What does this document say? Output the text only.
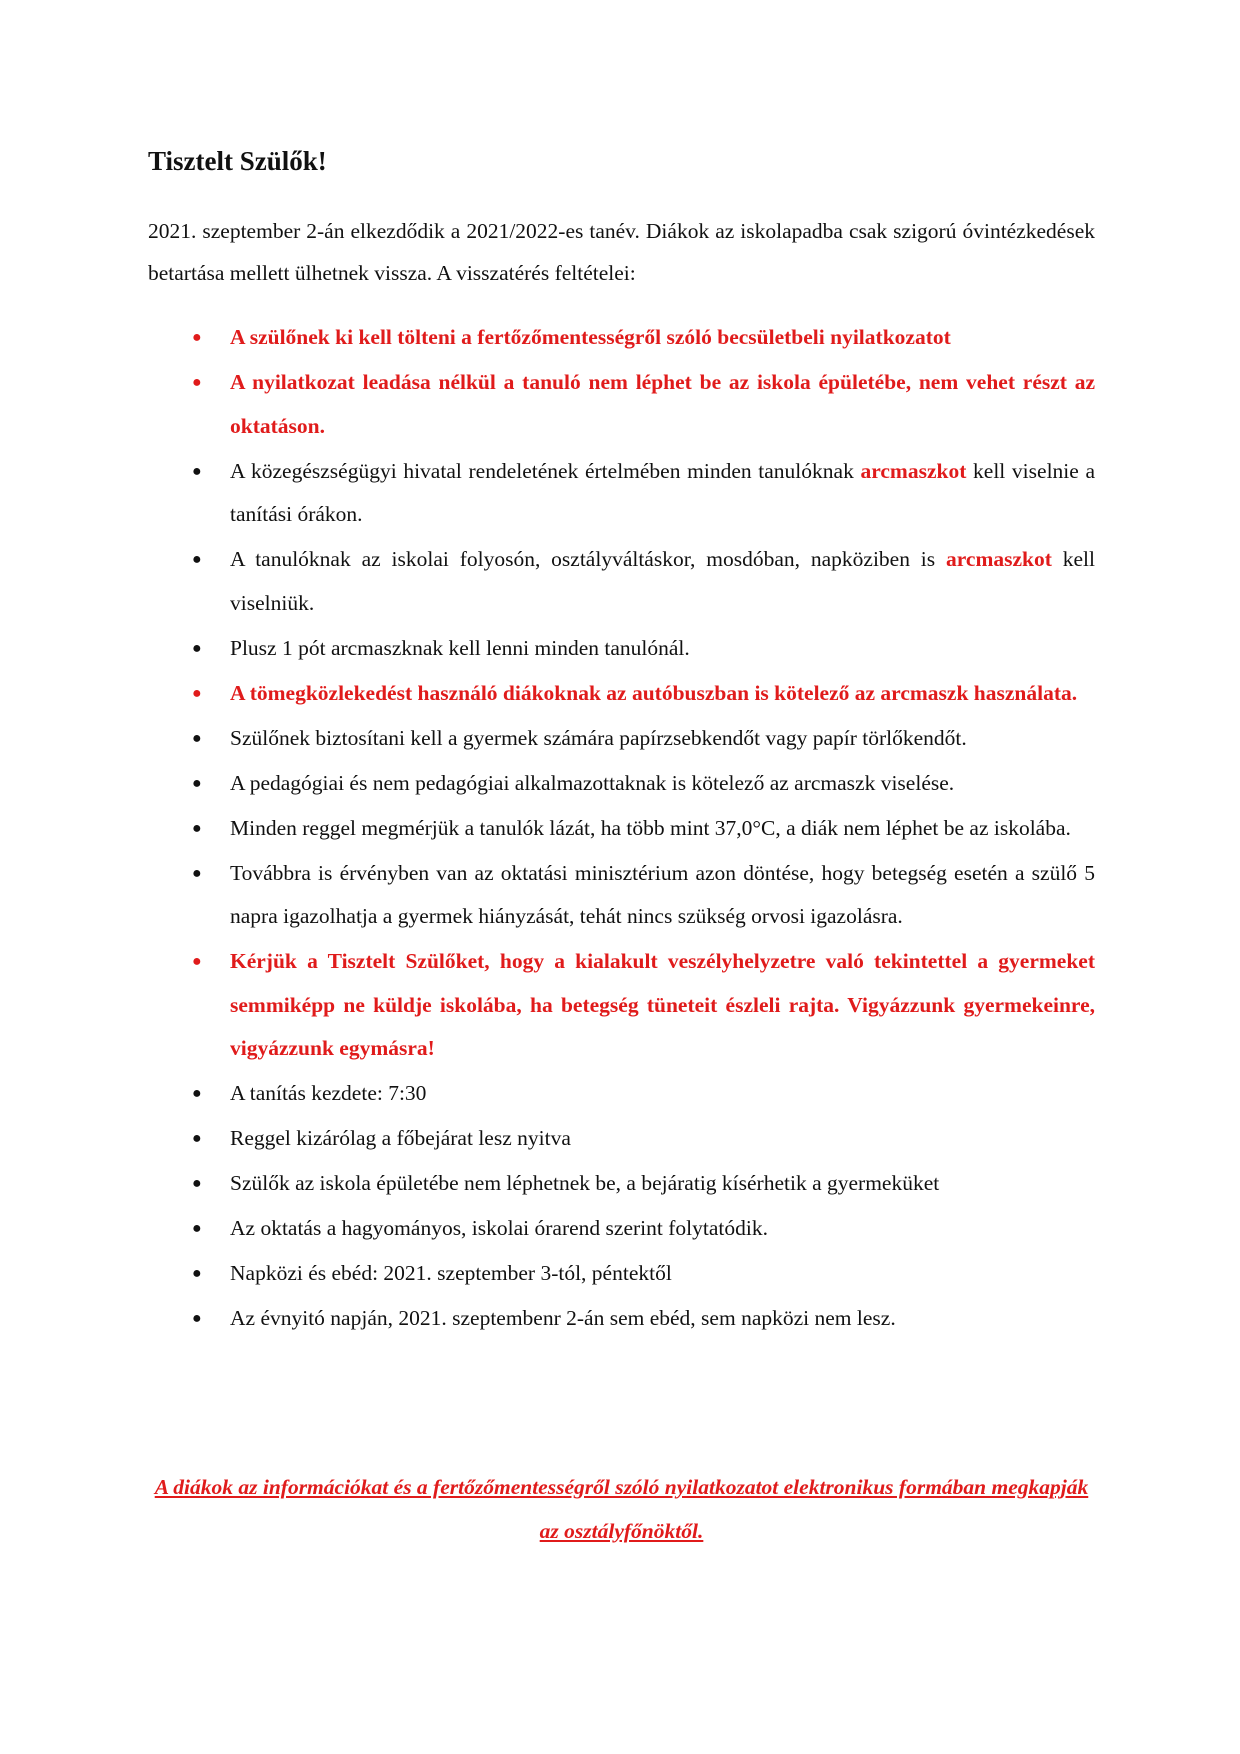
Tisztelt Szülők!

2021. szeptember 2-án elkezdődik a 2021/2022-es tanév. Diákok az iskolapadba csak szigorú óvintézkedések betartása mellett ülhetnek vissza. A visszatérés feltételei:

●	A szülőnek ki kell tölteni a fertőzőmentességről szóló becsületbeli nyilatkozatot
●	A nyilatkozat leadása nélkül a tanuló nem léphet be az iskola épületébe, nem vehet részt az oktatáson.
●	A közegészségügyi hivatal rendeletének értelmében minden tanulóknak arcmaszkot kell viselnie a tanítási órákon.
●	A tanulóknak az iskolai folyosón, osztályváltáskor, mosdóban, napköziben is arcmaszkot kell viselniük.
●	Plusz 1 pót arcmaszknak kell lenni minden tanulónál.
●	A tömegközlekedést használó diákoknak az autóbuszban is kötelező az arcmaszk használata.
●	Szülőnek biztosítani kell a gyermek számára papírzsebkendőt vagy papír törlőkendőt.
●	A pedagógiai és nem pedagógiai alkalmazottaknak is kötelező az arcmaszk viselése.
●	Minden reggel megmérjük a tanulók lázát, ha több mint 37,0°C, a diák nem léphet be az iskolába.
●	Továbbra is érvényben van az oktatási minisztérium azon döntése, hogy betegség esetén a szülő 5 napra igazolhatja a gyermek hiányzását, tehát nincs szükség orvosi igazolásra.
●	Kérjük a Tisztelt Szülőket, hogy a kialakult veszélyhelyzetre való tekintettel a gyermeket semmiképp ne küldje iskolába, ha betegség tüneteit észleli rajta. Vigyázzunk gyermekeinre, vigyázzunk egymásra!
●	A tanítás kezdete: 7:30
●	Reggel kizárólag a főbejárat lesz nyitva
●	Szülők az iskola épületébe nem léphetnek be, a bejáratig kísérhetik a gyermeküket
●	Az oktatás a hagyományos, iskolai órarend szerint folytatódik.
●	Napközi és ebéd: 2021. szeptember 3-tól, péntektől
●	Az évnyitó napján, 2021. szeptembenr 2-án sem ebéd, sem napközi nem lesz.

A diákok az információkat és a fertőzőmentességről szóló nyilatkozatot elektronikus formában megkapják az osztályfőnöktől.
